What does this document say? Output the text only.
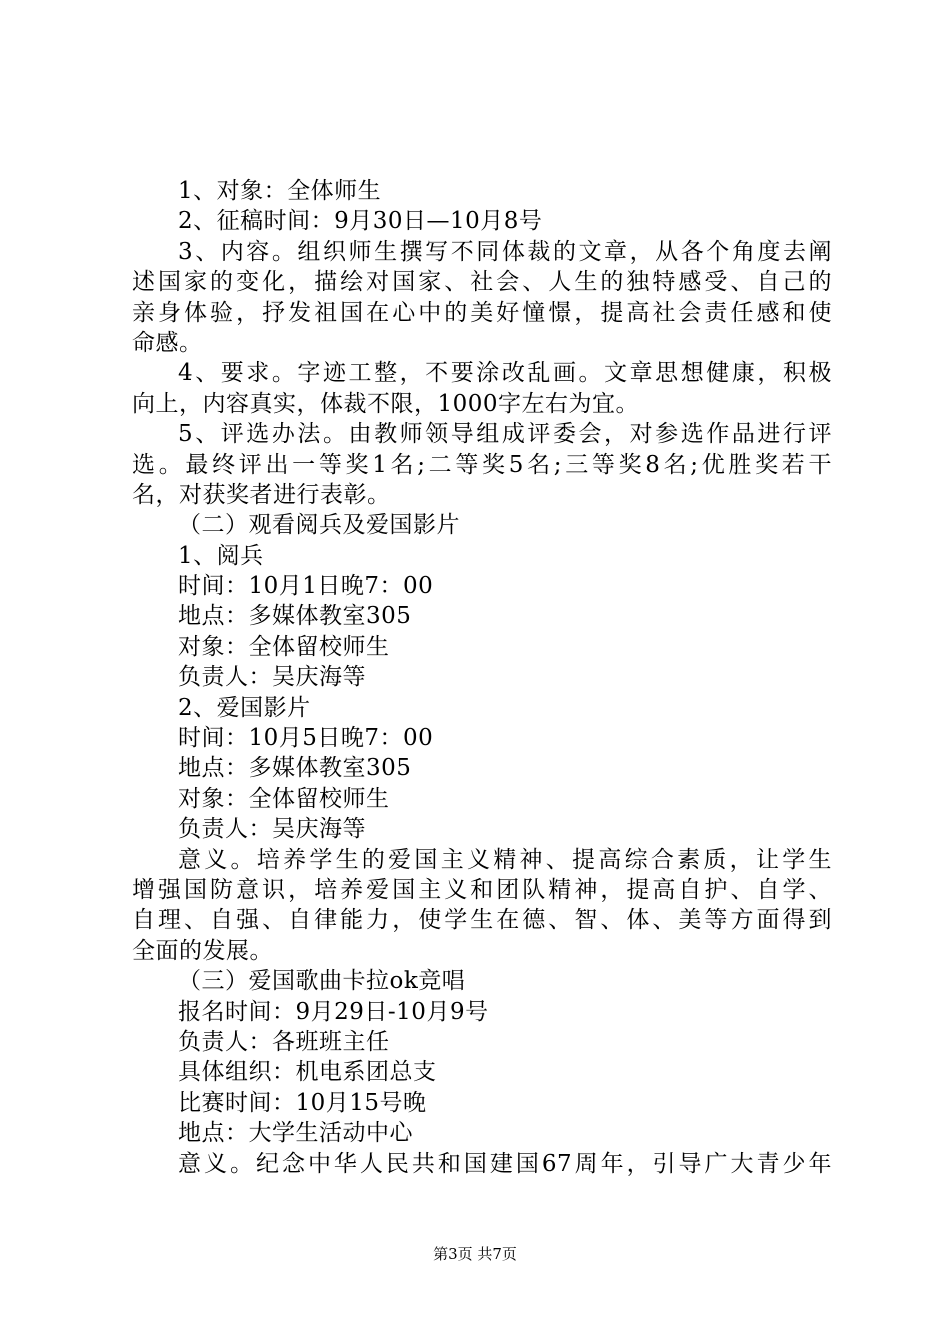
1、对象：全体师生
2、征稿时间：9月30日—10月8号
3、内容。组织师生撰写不同体裁的文章，从各个角度去阐
述国家的变化，描绘对国家、社会、人生的独特感受、自己的
亲身体验，抒发祖国在心中的美好憧憬，提高社会责任感和使
命感。
4、要求。字迹工整，不要涂改乱画。文章思想健康，积极
向上，内容真实，体裁不限，1000字左右为宜。
5、评选办法。由教师领导组成评委会，对参选作品进行评
选。最终评出一等奖1名;二等奖5名;三等奖8名;优胜奖若干
名，对获奖者进行表彰。
（二）观看阅兵及爱国影片
1、阅兵
时间：10月1日晚7：00
地点：多媒体教室305
对象：全体留校师生
负责人：吴庆海等
2、爱国影片
时间：10月5日晚7：00
地点：多媒体教室305
对象：全体留校师生
负责人：吴庆海等
意义。培养学生的爱国主义精神、提高综合素质，让学生
增强国防意识，培养爱国主义和团队精神，提高自护、自学、
自理、自强、自律能力，使学生在德、智、体、美等方面得到
全面的发展。
（三）爱国歌曲卡拉ok竞唱
报名时间：9月29日-10月9号
负责人：各班班主任
具体组织：机电系团总支
比赛时间：10月15号晚
地点：大学生活动中心
意义。纪念中华人民共和国建国67周年，引导广大青少年
第3页 共7页
